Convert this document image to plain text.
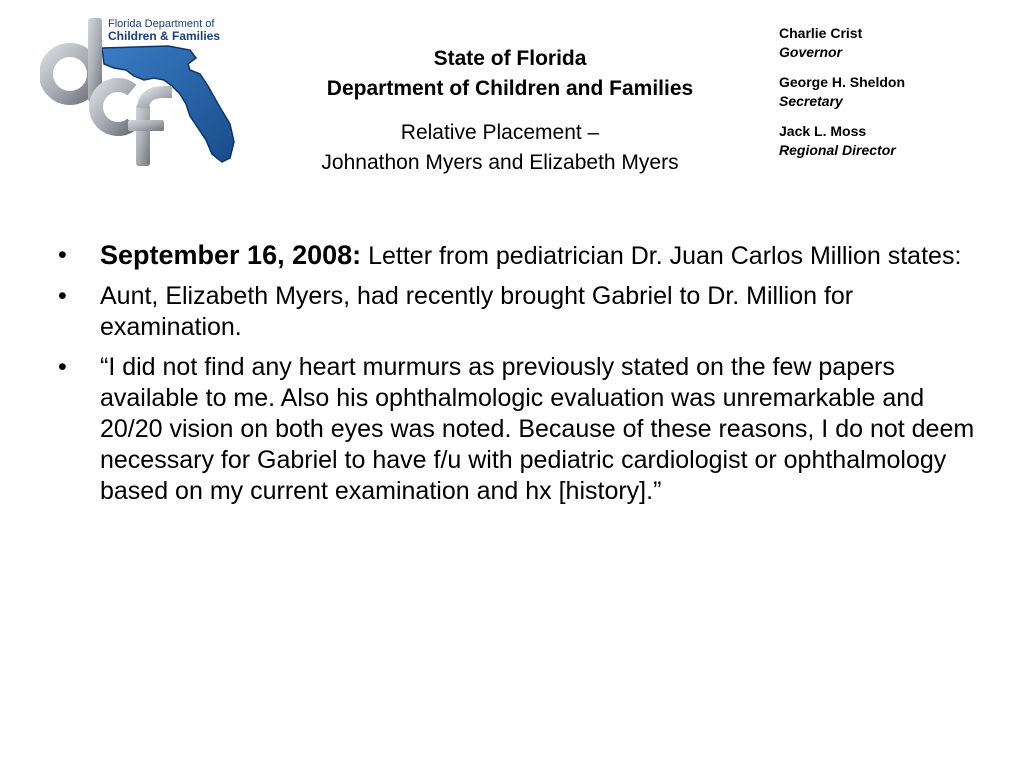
Florida Department of
Children & Families
State of Florida
Department of Children and Families
Relative Placement –
Johnathon Myers and Elizabeth Myers
Charlie Crist
Governor
George H. Sheldon
Secretary
Jack L. Moss
Regional Director
•	September 16, 2008: Letter from pediatrician Dr. Juan Carlos Million states:
•	Aunt, Elizabeth Myers, had recently brought Gabriel to Dr. Million for examination.
•	“I did not find any heart murmurs as previously stated on the few papers available to me. Also his ophthalmologic evaluation was unremarkable and 20/20 vision on both eyes was noted. Because of these reasons, I do not deem necessary for Gabriel to have f/u with pediatric cardiologist or ophthalmology based on my current examination and hx [history].”
